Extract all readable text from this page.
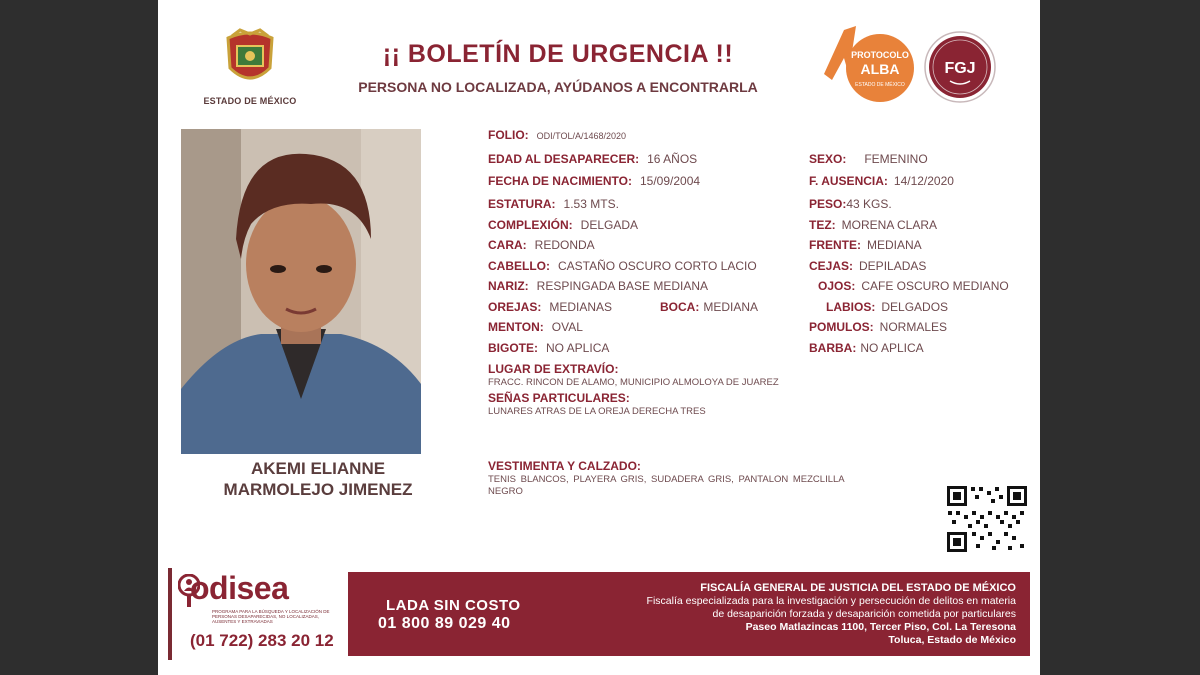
ESTADO DE MÉXICO
¡¡ BOLETÍN DE URGENCIA !!
PERSONA NO LOCALIZADA, AYÚDANOS A ENCONTRARLA
PROTOCOLO
ALBA
ESTADO DE MÉXICO
FGJ
AKEMI ELIANNE
MARMOLEJO JIMENEZ
FOLIO: ODI/TOL/A/1468/2020
EDAD AL DESAPARECER: 16 AÑOS
FECHA DE NACIMIENTO: 15/09/2004
ESTATURA: 1.53 MTS.
COMPLEXIÓN: DELGADA
CARA: REDONDA
CABELLO: CASTAÑO OSCURO CORTO LACIO
NARIZ: RESPINGADA BASE MEDIANA
OREJAS: MEDIANAS	BOCA: MEDIANA
MENTON: OVAL
BIGOTE: NO APLICA
SEXO: FEMENINO
F. AUSENCIA: 14/12/2020
PESO:43 KGS.
TEZ: MORENA CLARA
FRENTE: MEDIANA
CEJAS: DEPILADAS
OJOS: CAFE OSCURO MEDIANO
LABIOS: DELGADOS
POMULOS: NORMALES
BARBA: NO APLICA
LUGAR DE EXTRAVÍO:
FRACC. RINCON DE ALAMO, MUNICIPIO ALMOLOYA DE JUAREZ
SEÑAS PARTICULARES:
LUNARES ATRAS DE LA OREJA DERECHA TRES
VESTIMENTA Y CALZADO:
TENIS BLANCOS, PLAYERA GRIS, SUDADERA GRIS, PANTALON MEZCLILLA
NEGRO
odisea
PROGRAMA PARA LA BÚSQUEDA Y LOCALIZACIÓN DE PERSONAS DESAPARECIDAS, NO LOCALIZADAS, AUSENTES Y EXTRAVIADAS
(01 722) 283 20 12
LADA SIN COSTO
01 800 89 029 40
FISCALÍA GENERAL DE JUSTICIA DEL ESTADO DE MÉXICO
Fiscalía especializada para la investigación y persecución de delitos en materia
de desaparición forzada y desaparición cometida por particulares
Paseo Matlazincas 1100, Tercer Piso, Col. La Teresona
Toluca, Estado de México
